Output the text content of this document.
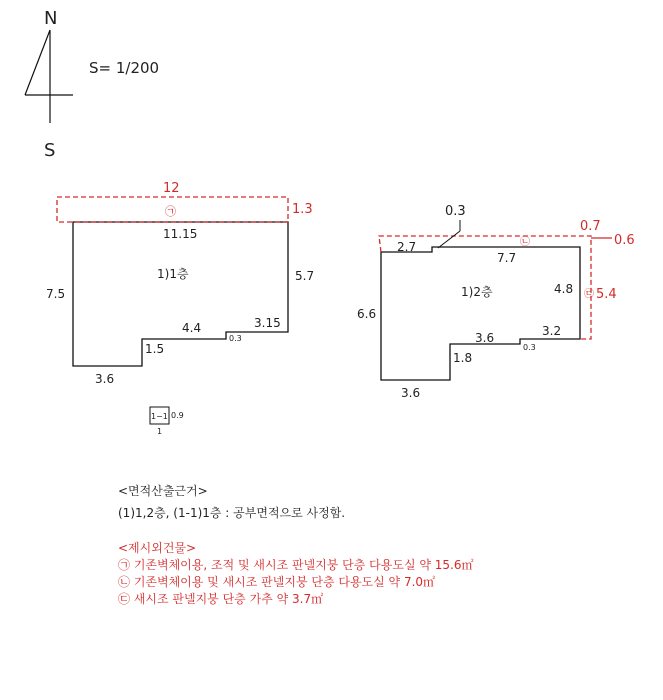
N
S
S= 1/200
12
1.3
㉠
11.15
7.5
5.7
1)1층
4.4	3.15
0.3
1.5
3.6
0.3
0.7
0.6
㉡
㉢ 5.4
2.7
7.7
6.6
4.8
1)2층
3.2
3.6
0.3
1.8
3.6
1−1 0.9
1
<면적산출근거>
(1)1,2층, (1-1)1층 : 공부면적으로 사정함.
<제시외건물>
㉠ 기존벽체이용, 조적 및 새시조 판넬지붕 단층 다용도실 약 15.6㎡
㉡ 기존벽체이용 및 새시조 판넬지붕 단층 다용도실 약 7.0㎡
㉢ 새시조 판넬지붕 단층 가추 약 3.7㎡
